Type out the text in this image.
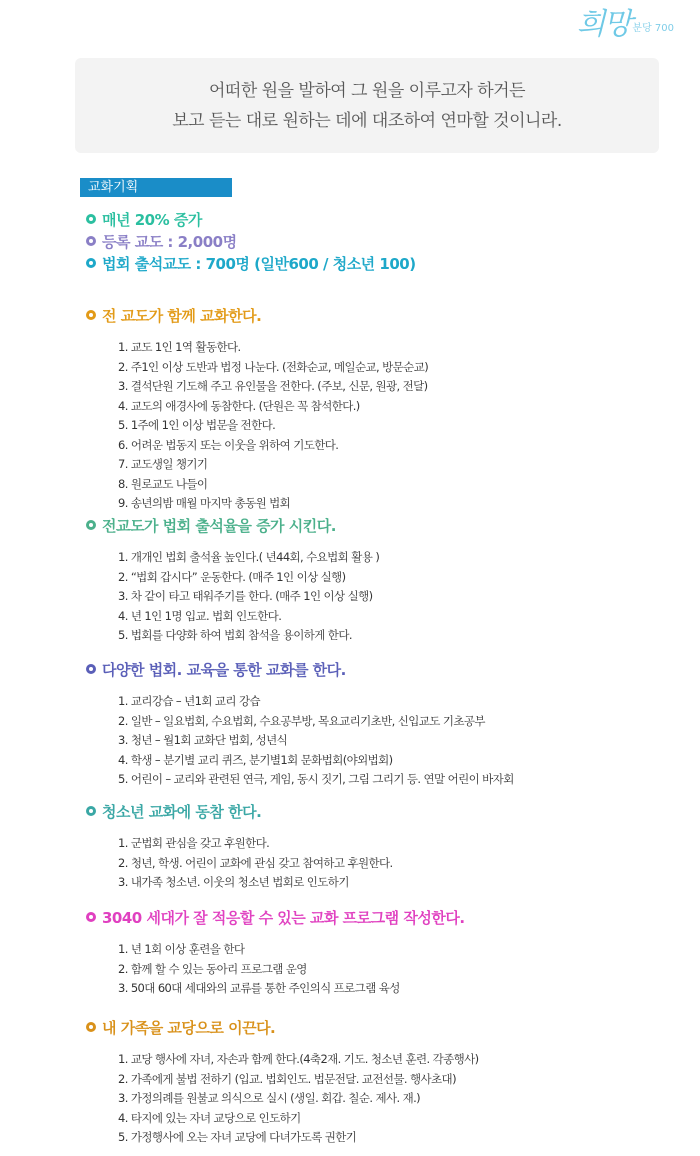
희망 분당 700
어떠한 원을 발하여 그 원을 이루고자 하거든
보고 듣는 대로 원하는 데에 대조하여 연마할 것이니라.
교화기획
매년 20% 증가
등록 교도 : 2,000명
법회 출석교도 : 700명 (일반600 / 청소년 100)
전 교도가 함께 교화한다.
1. 교도 1인 1역 활동한다.
2. 주1인 이상 도반과 법정 나눈다. (전화순교, 메일순교, 방문순교)
3. 결석단원 기도해 주고 유인물을 전한다. (주보, 신문, 원광, 전달)
4. 교도의 애경사에 동참한다. (단원은 꼭 참석한다.)
5. 1주에 1인 이상 법문을 전한다.
6. 어려운 법동지 또는 이웃을 위하여 기도한다.
7. 교도생일 챙기기
8. 원로교도 나들이
9. 송년의밤 매월 마지막 총동원 법회
전교도가 법회 출석율을 증가 시킨다.
1. 개개인 법회 출석율 높인다.( 년44회, 수요법회 활용 )
2. “법회 갑시다” 운동한다. (매주 1인 이상 실행)
3. 차 같이 타고 태워주기를 한다. (매주 1인 이상 실행)
4. 년 1인 1명 입교. 법회 인도한다.
5. 법회를 다양화 하여 법회 참석을 용이하게 한다.
다양한 법회. 교육을 통한 교화를 한다.
1. 교리강습 – 년1회 교리 강습
2. 일반 – 일요법회, 수요법회, 수요공부방, 목요교리기초반, 신입교도 기초공부
3. 청년 – 월1회 교화단 법회, 성년식
4. 학생 – 분기별 교리 퀴즈, 분기별1회 문화법회(야외법회)
5. 어린이 – 교리와 관련된 연극, 게임, 동시 짓기, 그림 그리기 등. 연말 어린이 바자회
청소년 교화에 동참 한다.
1. 군법회 관심을 갖고 후원한다.
2. 청년, 학생. 어린이 교화에 관심 갖고 참여하고 후원한다.
3. 내가족 청소년. 이웃의 청소년 법회로 인도하기
3040 세대가 잘 적응할 수 있는 교화 프로그램 작성한다.
1. 년 1회 이상 훈련을 한다
2. 함께 할 수 있는 동아리 프로그램 운영
3. 50대 60대 세대와의 교류를 통한 주인의식 프로그램 육성
내 가족을 교당으로 이끈다.
1. 교당 행사에 자녀, 자손과 함께 한다.(4축2재. 기도. 청소년 훈련. 각종행사)
2. 가족에게 불법 전하기 (입교. 법회인도. 법문전달. 교전선물. 행사초대)
3. 가정의례를 원불교 의식으로 실시 (생일. 회갑. 칠순. 제사. 재.)
4. 타지에 있는 자녀 교당으로 인도하기
5. 가정행사에 오는 자녀 교당에 다녀가도록 권한기
